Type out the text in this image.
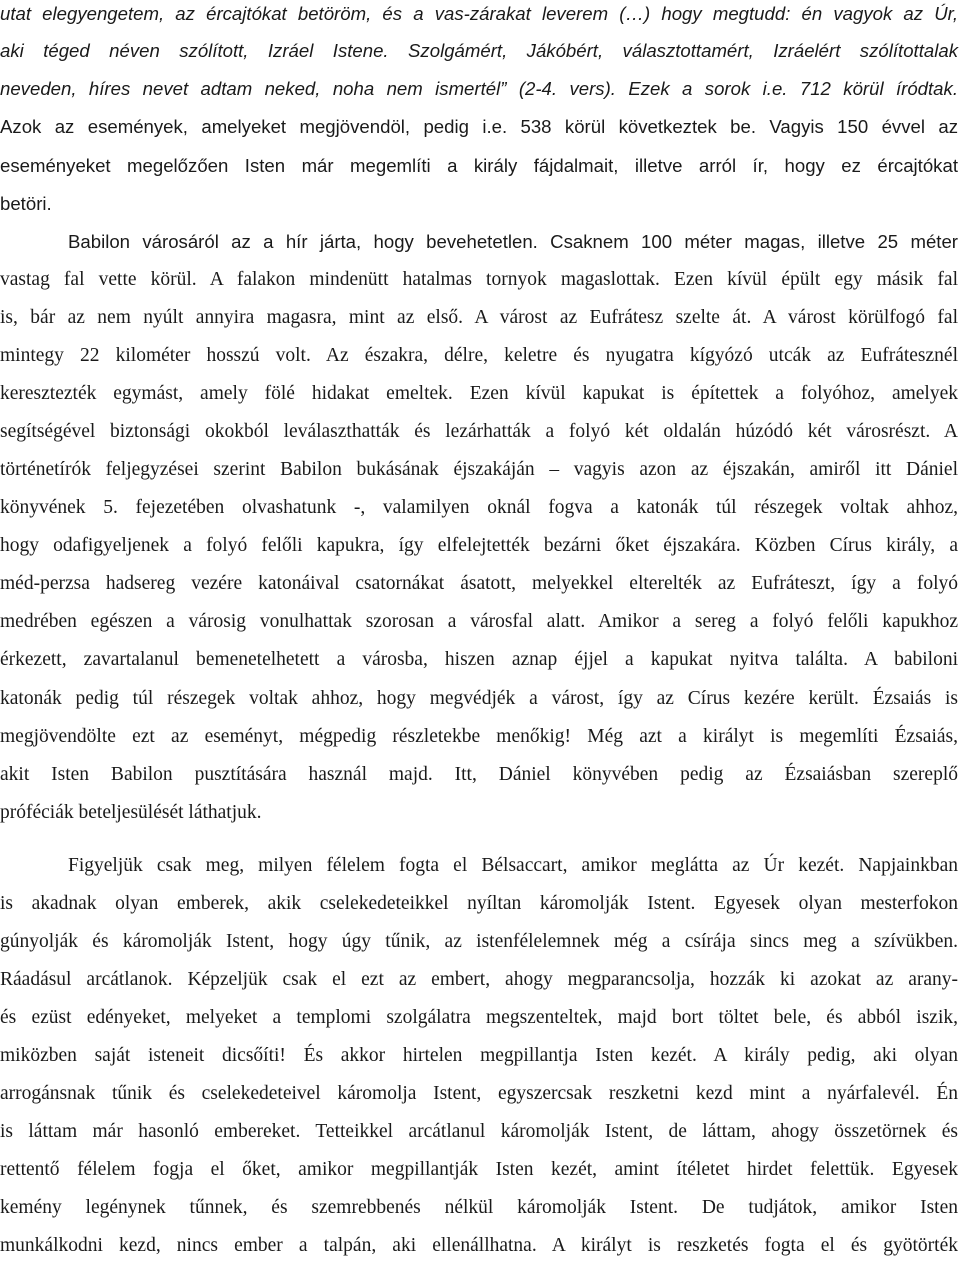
utat elegyengetem, az ércajtókat betöröm, és a vas-zárakat leverem (…) hogy megtudd: én vagyok az Úr,
aki téged néven szólított, Izráel Istene. Szolgámért, Jákóbért, választottamért, Izráelért szólítottalak
neveden, híres nevet adtam neked, noha nem ismertél” (2-4. vers). Ezek a sorok i.e. 712 körül íródtak.
Azok az események, amelyeket megjövendöl, pedig i.e. 538 körül következtek be. Vagyis 150 évvel az
eseményeket megelőzően Isten már megemlíti a király fájdalmait, illetve arról ír, hogy ez ércajtókat
betöri.
Babilon városáról az a hír járta, hogy bevehetetlen. Csaknem 100 méter magas, illetve 25 méter
vastag fal vette körül. A falakon mindenütt hatalmas tornyok magaslottak. Ezen kívül épült egy másik fal
is, bár az nem nyúlt annyira magasra, mint az első. A várost az Eufrátesz szelte át. A várost körülfogó fal
mintegy 22 kilométer hosszú volt. Az északra, délre, keletre és nyugatra kígyózó utcák az Eufrátesznél
keresztezték egymást, amely fölé hidakat emeltek. Ezen kívül kapukat is építettek a folyóhoz, amelyek
segítségével biztonsági okokból leválaszthatták és lezárhatták a folyó két oldalán húzódó két városrészt. A
történetírók feljegyzései szerint Babilon bukásának éjszakáján – vagyis azon az éjszakán, amiről itt Dániel
könyvének 5. fejezetében olvashatunk -, valamilyen oknál fogva a katonák túl részegek voltak ahhoz,
hogy odafigyeljenek a folyó felőli kapukra, így elfelejtették bezárni őket éjszakára. Közben Círus király, a
méd-perzsa hadsereg vezére katonáival csatornákat ásatott, melyekkel elterelték az Eufráteszt, így a folyó
medrében egészen a városig vonulhattak szorosan a városfal alatt. Amikor a sereg a folyó felőli kapukhoz
érkezett, zavartalanul bemenetelhetett a városba, hiszen aznap éjjel a kapukat nyitva találta. A babiloni
katonák pedig túl részegek voltak ahhoz, hogy megvédjék a várost, így az Círus kezére került. Ézsaiás is
megjövendölte ezt az eseményt, mégpedig részletekbe menőkig! Még azt a királyt is megemlíti Ézsaiás,
akit Isten Babilon pusztítására használ majd. Itt, Dániel könyvében pedig az Ézsaiásban szereplő
próféciák beteljesülését láthatjuk.
Figyeljük csak meg, milyen félelem fogta el Bélsaccart, amikor meglátta az Úr kezét. Napjainkban
is akadnak olyan emberek, akik cselekedeteikkel nyíltan káromolják Istent. Egyesek olyan mesterfokon
gúnyolják és káromolják Istent, hogy úgy tűnik, az istenfélelemnek még a csírája sincs meg a szívükben.
Ráadásul arcátlanok. Képzeljük csak el ezt az embert, ahogy megparancsolja, hozzák ki azokat az arany-
és ezüst edényeket, melyeket a templomi szolgálatra megszenteltek, majd bort töltet bele, és abból iszik,
miközben saját isteneit dicsőíti! És akkor hirtelen megpillantja Isten kezét. A király pedig, aki olyan
arrogánsnak tűnik és cselekedeteivel káromolja Istent, egyszercsak reszketni kezd mint a nyárfalevél. Én
is láttam már hasonló embereket. Tetteikkel arcátlanul káromolják Istent, de láttam, ahogy összetörnek és
rettentő félelem fogja el őket, amikor megpillantják Isten kezét, amint ítéletet hirdet felettük. Egyesek
kemény legénynek tűnnek, és szemrebbenés nélkül káromolják Istent. De tudjátok, amikor Isten
munkálkodni kezd, nincs ember a talpán, aki ellenállhatna. A királyt is reszketés fogta el és gyötörték
